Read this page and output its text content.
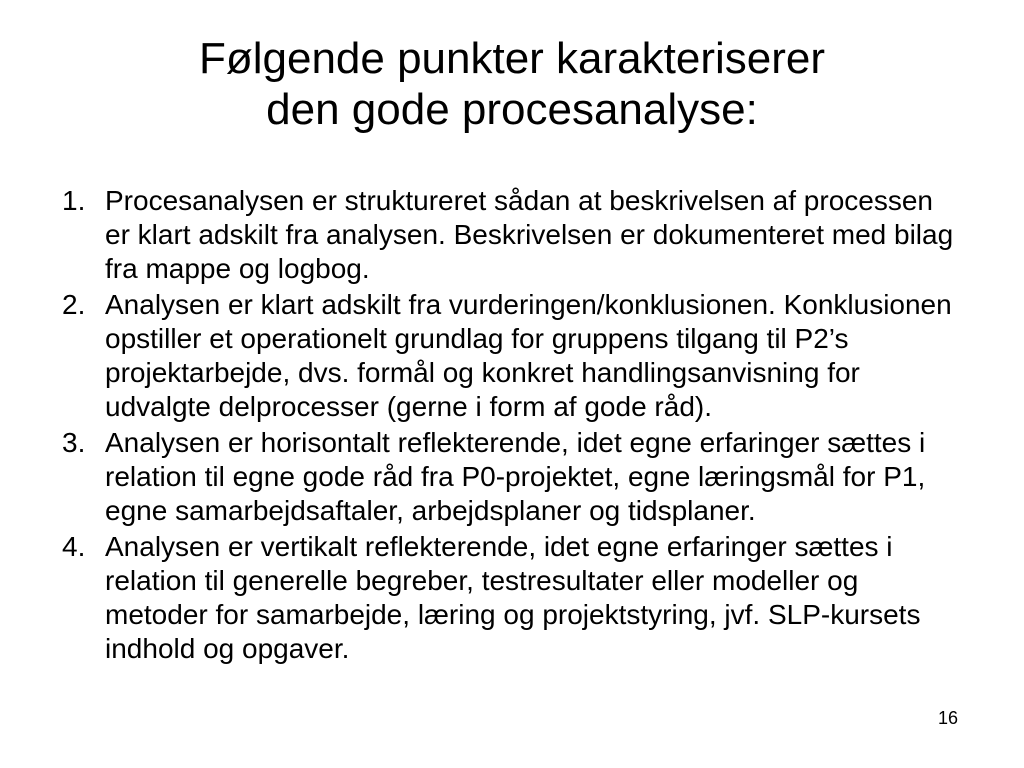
Følgende punkter karakteriserer
den gode procesanalyse:
1. Procesanalysen er struktureret sådan at beskrivelsen af processen er klart adskilt fra analysen. Beskrivelsen er dokumenteret med bilag fra mappe og logbog.
2. Analysen er klart adskilt fra vurderingen/konklusionen. Konklusionen opstiller et operationelt grundlag for gruppens tilgang til P2’s projektarbejde, dvs. formål og konkret handlingsanvisning for udvalgte delprocesser (gerne i form af gode råd).
3. Analysen er horisontalt reflekterende, idet egne erfaringer sættes i relation til egne gode råd fra P0-projektet, egne læringsmål for P1, egne samarbejdsaftaler, arbejdsplaner og tidsplaner.
4. Analysen er vertikalt reflekterende, idet egne erfaringer sættes i relation til generelle begreber, testresultater eller modeller og metoder for samarbejde, læring og projektstyring, jvf. SLP-kursets indhold og opgaver.
16
